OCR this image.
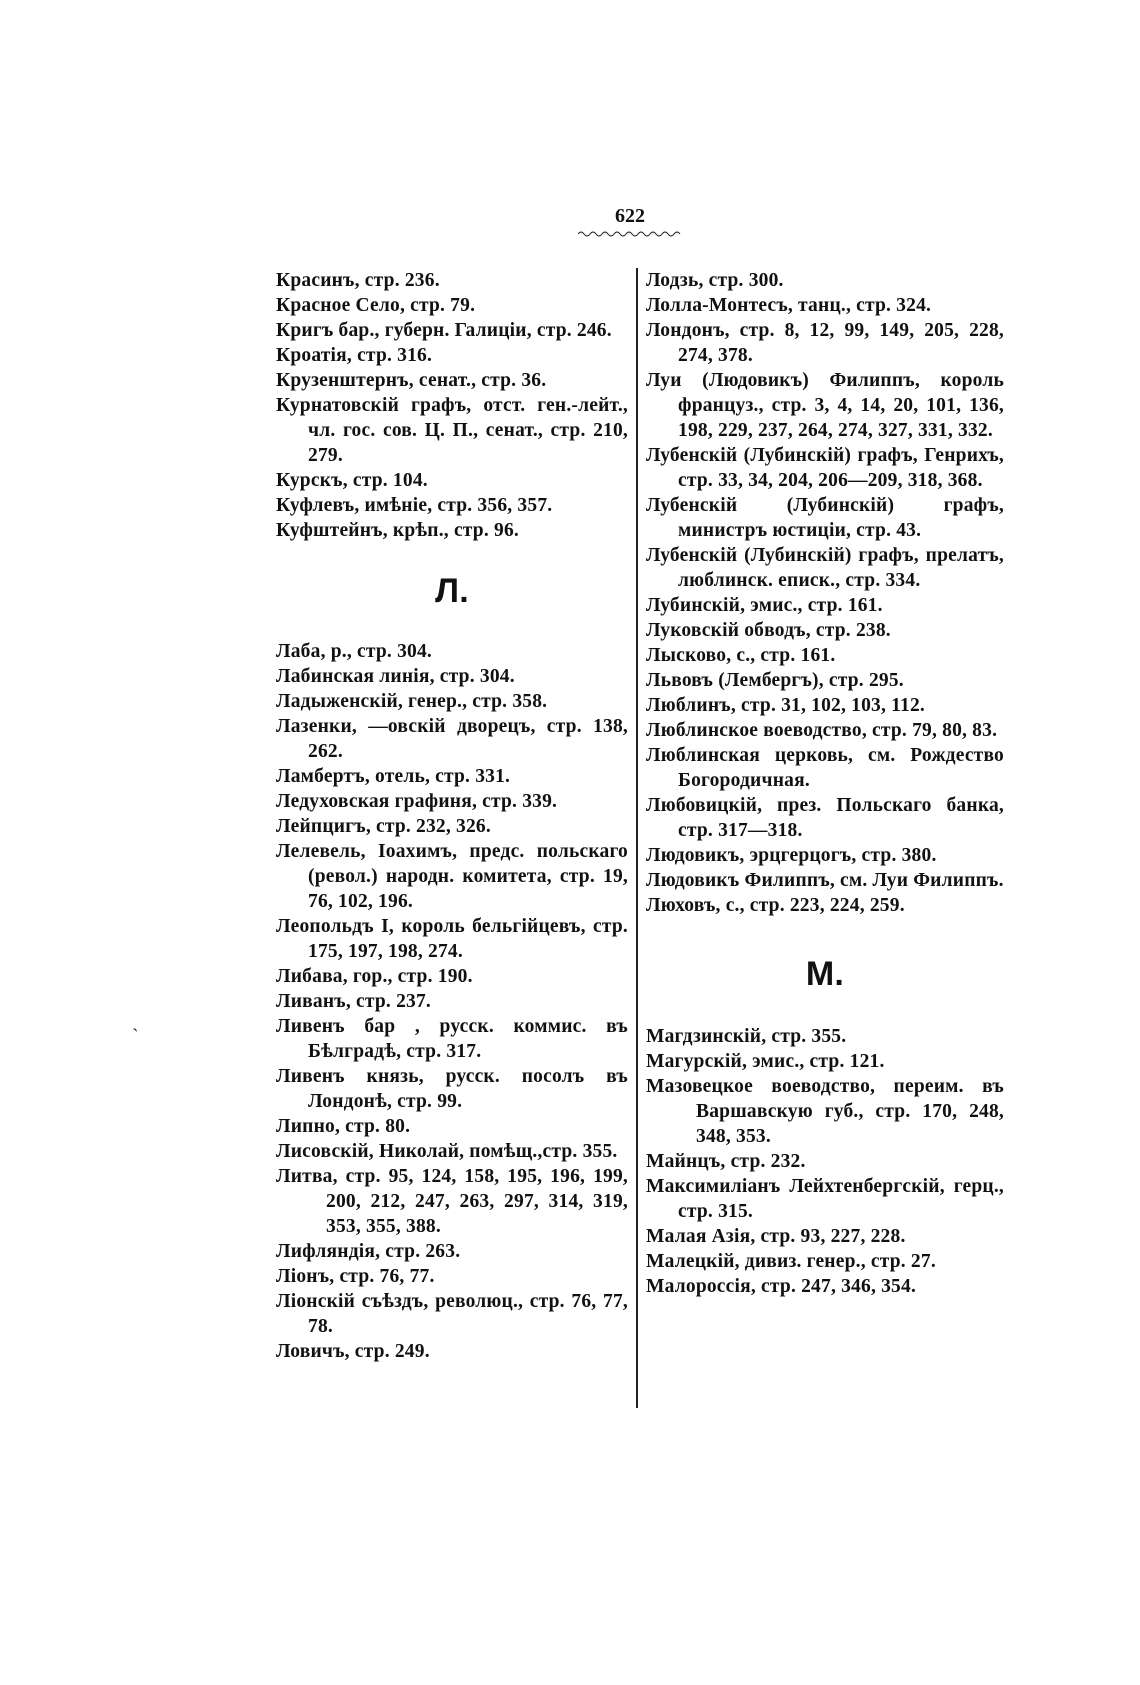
622
Красинъ, стр. 236.
Красное Село, стр. 79.
Кригъ бар., губерн. Галиціи, стр. 246.
Кроатія, стр. 316.
Крузенштернъ, сенат., стр. 36.
Курнатовскій графъ, отст. ген.-лейт., чл. гос. сов. Ц. П., сенат., стр. 210, 279.
Курскъ, стр. 104.
Куфлевъ, имѣніе, стр. 356, 357.
Куфштейнъ, крѣп., стр. 96.
Л.
Лаба, р., стр. 304.
Лабинская линія, стр. 304.
Ладыженскій, генер., стр. 358.
Лазенки, —овскій дворецъ, стр. 138, 262.
Ламбертъ, отель, стр. 331.
Ледуховская графиня, стр. 339.
Лейпцигъ, стр. 232, 326.
Лелевель, Іоахимъ, предс. польскаго (револ.) народн. комитета, стр. 19, 76, 102, 196.
Леопольдъ I, король бельгійцевъ, стр. 175, 197, 198, 274.
Либава, гор., стр. 190.
Ливанъ, стр. 237.
Ливенъ бар , русск. коммис. въ Бѣлградѣ, стр. 317.
Ливенъ князь, русск. посолъ въ Лондонѣ, стр. 99.
Липно, стр. 80.
Лисовскій, Николай, помѣщ.,стр. 355.
Литва, стр. 95, 124, 158, 195, 196, 199, 200, 212, 247, 263, 297, 314, 319, 353, 355, 388.
Лифляндія, стр. 263.
Ліонъ, стр. 76, 77.
Ліонскій съѣздъ, революц., стр. 76, 77, 78.
Ловичъ, стр. 249.
Лодзь, стр. 300.
Лолла-Монтесъ, танц., стр. 324.
Лондонъ, стр. 8, 12, 99, 149, 205, 228, 274, 378.
Луи (Людовикъ) Филиппъ, король француз., стр. 3, 4, 14, 20, 101, 136, 198, 229, 237, 264, 274, 327, 331, 332.
Лубенскій (Лубинскій) графъ, Генрихъ, стр. 33, 34, 204, 206—209, 318, 368.
Лубенскій (Лубинскій) графъ, министръ юстиціи, стр. 43.
Лубенскій (Лубинскій) графъ, прелатъ, люблинск. еписк., стр. 334.
Лубинскій, эмис., стр. 161.
Луковскій обводъ, стр. 238.
Лысково, с., стр. 161.
Львовъ (Лембергъ), стр. 295.
Люблинъ, стр. 31, 102, 103, 112.
Люблинское воеводство, стр. 79, 80, 83.
Люблинская церковь, см. Рождество Богородичная.
Любовицкій, през. Польскаго банка, стр. 317—318.
Людовикъ, эрцгерцогъ, стр. 380.
Людовикъ Филиппъ, см. Луи Филиппъ.
Люховъ, с., стр. 223, 224, 259.
М.
Магдзинскій, стр. 355.
Магурскій, эмис., стр. 121.
Мазовецкое воеводство, переим. въ Варшавскую губ., стр. 170, 248, 348, 353.
Майнцъ, стр. 232.
Максимиліанъ Лейхтенбергскій, герц., стр. 315.
Малая Азія, стр. 93, 227, 228.
Малецкій, дивиз. генер., стр. 27.
Малороссія, стр. 247, 346, 354.
ˏ
